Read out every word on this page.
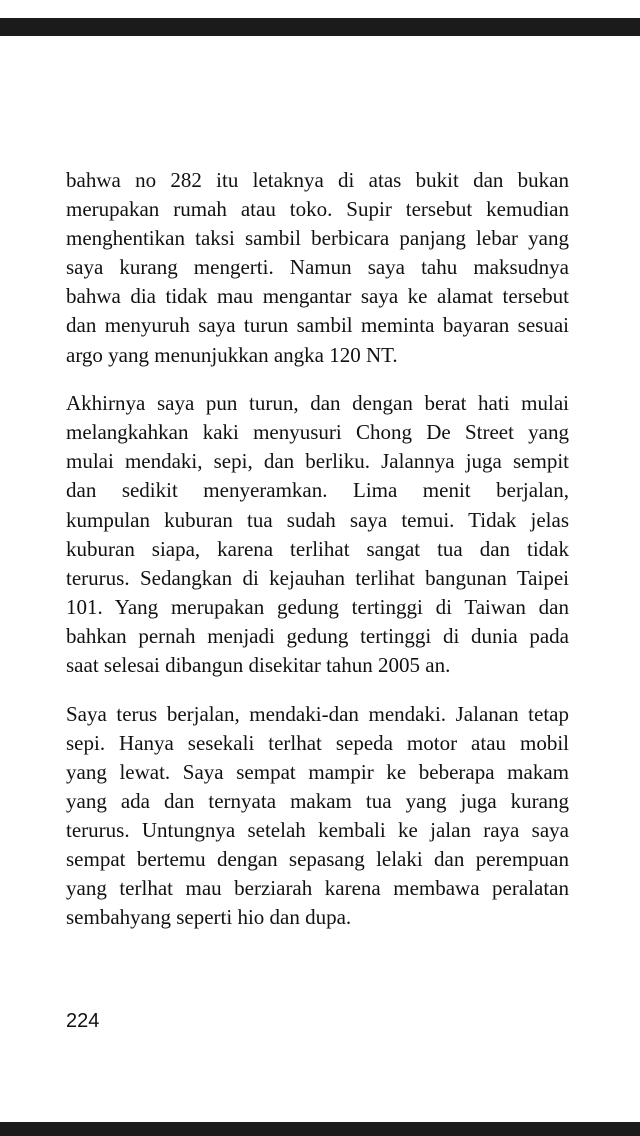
bahwa no 282 itu letaknya di atas bukit dan bukan
merupakan rumah atau toko. Supir tersebut kemudian
menghentikan taksi sambil berbicara panjang lebar yang
saya kurang mengerti. Namun saya tahu maksudnya
bahwa dia tidak mau mengantar saya ke alamat tersebut
dan menyuruh saya turun sambil meminta bayaran sesuai
argo yang menunjukkan angka 120 NT.
Akhirnya saya pun turun, dan dengan berat hati mulai
melangkahkan kaki menyusuri Chong De Street yang
mulai mendaki, sepi, dan berliku. Jalannya juga sempit
dan sedikit menyeramkan. Lima menit berjalan,
kumpulan kuburan tua sudah saya temui. Tidak jelas
kuburan siapa, karena terlihat sangat tua dan tidak
terurus. Sedangkan di kejauhan terlihat bangunan Taipei
101. Yang merupakan gedung tertinggi di Taiwan dan
bahkan pernah menjadi gedung tertinggi di dunia pada
saat selesai dibangun disekitar tahun 2005 an.
Saya terus berjalan, mendaki-dan mendaki. Jalanan tetap
sepi. Hanya sesekali terlhat sepeda motor atau mobil
yang lewat. Saya sempat mampir ke beberapa makam
yang ada dan ternyata makam tua yang juga kurang
terurus. Untungnya setelah kembali ke jalan raya saya
sempat bertemu dengan sepasang lelaki dan perempuan
yang terlhat mau berziarah karena membawa peralatan
sembahyang seperti hio dan dupa.
224
